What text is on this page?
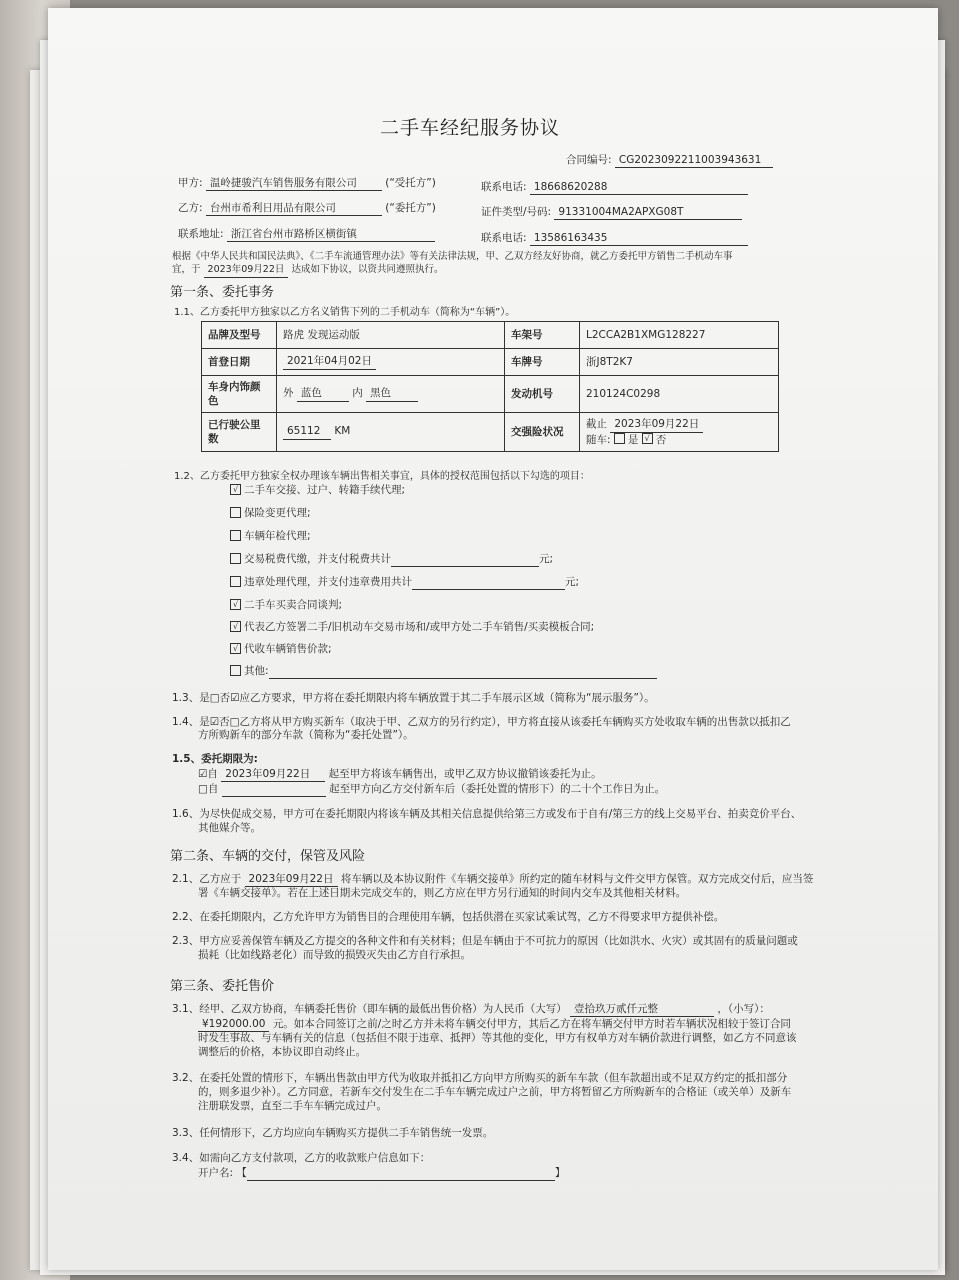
二手车经纪服务协议
合同编号: CG2023092211003943631
甲方: 温岭捷骏汽车销售服务有限公司	(“受托方”)	联系电话: 18668620288
乙方: 台州市希利日用品有限公司	(“委托方”)	证件类型/号码: 91331004MA2APXG08T
联系地址: 浙江省台州市路桥区横街镇	联系电话: 13586163435
根据《中华人民共和国民法典》、《二手车流通管理办法》等有关法律法规，甲、乙双方经友好协商，就乙方委托甲方销售二手机动车事
宜，于 2023年09月22日 达成如下协议，以资共同遵照执行。
第一条、委托事务
1.1、乙方委托甲方独家以乙方名义销售下列的二手机动车（简称为“车辆”）。
品牌及型号	路虎 发现运动版	车架号	L2CCA2B1XMG128227
首登日期	2021年04月02日	车牌号	浙J8T2K7
车身内饰颜色	外 蓝色 内 黑色	发动机号	210124C0298
已行驶公里数	65112 KM	交强险状况	截止 2023年09月22日
随车: 是 √ 否
1.2、乙方委托甲方独家全权办理该车辆出售相关事宜，具体的授权范围包括以下勾选的项目：
√ 二手车交接、过户、转籍手续代理;
保险变更代理;
车辆年检代理;
交易税费代缴，并支付税费共计	元;
违章处理代理，并支付违章费用共计	元;
√ 二手车买卖合同谈判;
√ 代表乙方签署二手/旧机动车交易市场和/或甲方处二手车销售/买卖模板合同;
√ 代收车辆销售价款;
其他:
1.3、是□否☑应乙方要求，甲方将在委托期限内将车辆放置于其二手车展示区域（简称为“展示服务”）。
1.4、是☑否□乙方将从甲方购买新车（取决于甲、乙双方的另行约定），甲方将直接从该委托车辆购买方处收取车辆的出售款以抵扣乙
方所购新车的部分车款（简称为“委托处置”）。
1.5、委托期限为:
☑自 2023年09月22日 起至甲方将该车辆售出，或甲乙双方协议撤销该委托为止。
□自	起至甲方向乙方交付新车后（委托处置的情形下）的二十个工作日为止。
1.6、为尽快促成交易，甲方可在委托期限内将该车辆及其相关信息提供给第三方或发布于自有/第三方的线上交易平台、拍卖竞价平台、
其他媒介等。
第二条、车辆的交付，保管及风险
2.1、乙方应于 2023年09月22日 将车辆以及本协议附件《车辆交接单》所约定的随车材料与文件交甲方保管。双方完成交付后，应当签
署《车辆交接单》。若在上述日期未完成交车的，则乙方应在甲方另行通知的时间内交车及其他相关材料。
2.2、在委托期限内，乙方允许甲方为销售目的合理使用车辆，包括供潜在买家试乘试驾，乙方不得要求甲方提供补偿。
2.3、甲方应妥善保管车辆及乙方提交的各种文件和有关材料；但是车辆由于不可抗力的原因（比如洪水、火灾）或其固有的质量问题或
损耗（比如线路老化）而导致的损毁灭失由乙方自行承担。
第三条、委托售价
3.1、经甲、乙双方协商，车辆委托售价（即车辆的最低出售价格）为人民币（大写） 壹拾玖万贰仟元整	，（小写）：
¥192000.00 元。如本合同签订之前/之时乙方并未将车辆交付甲方，其后乙方在将车辆交付甲方时若车辆状况相较于签订合同
时发生事故、与车辆有关的信息（包括但不限于违章、抵押）等其他的变化，甲方有权单方对车辆价款进行调整，如乙方不同意该
调整后的价格，本协议即自动终止。
3.2、在委托处置的情形下，车辆出售款由甲方代为收取并抵扣乙方向甲方所购买的新车车款（但车款超出或不足双方约定的抵扣部分
的，则多退少补）。乙方同意，若新车交付发生在二手车车辆完成过户之前，甲方将暂留乙方所购新车的合格证（或关单）及新车
注册联发票，直至二手车车辆完成过户。
3.3、任何情形下，乙方均应向车辆购买方提供二手车销售统一发票。
3.4、如需向乙方支付款项，乙方的收款账户信息如下：
开户名: 【	】
